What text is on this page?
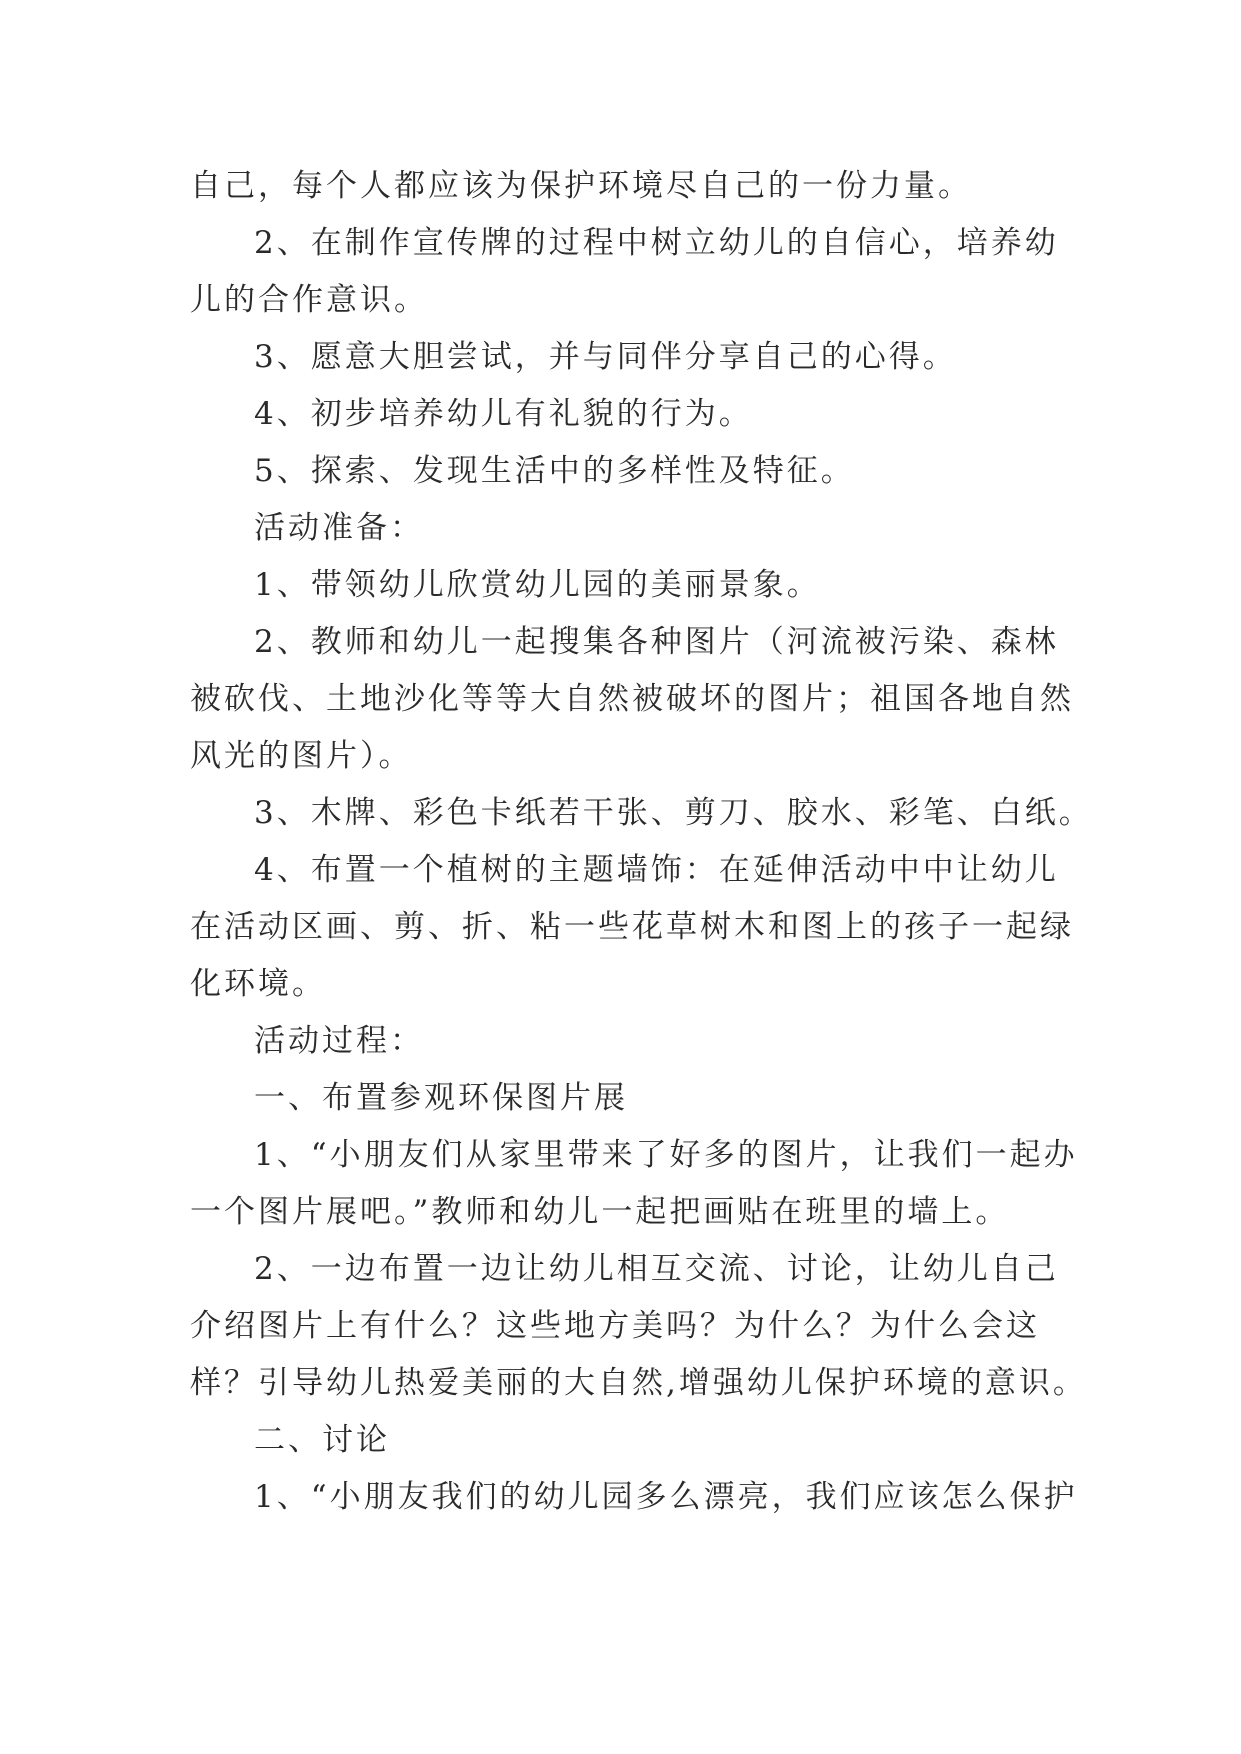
自己，每个人都应该为保护环境尽自己的一份力量。
2、在制作宣传牌的过程中树立幼儿的自信心，培养幼
儿的合作意识。
3、愿意大胆尝试，并与同伴分享自己的心得。
4、初步培养幼儿有礼貌的行为。
5、探索、发现生活中的多样性及特征。
活动准备：
1、带领幼儿欣赏幼儿园的美丽景象。
2、教师和幼儿一起搜集各种图片（河流被污染、森林
被砍伐、土地沙化等等大自然被破坏的图片；祖国各地自然
风光的图片）。
3、木牌、彩色卡纸若干张、剪刀、胶水、彩笔、白纸。
4、布置一个植树的主题墙饰：在延伸活动中中让幼儿
在活动区画、剪、折、粘一些花草树木和图上的孩子一起绿
化环境。
活动过程：
一、布置参观环保图片展
1、“小朋友们从家里带来了好多的图片，让我们一起办
一个图片展吧。”教师和幼儿一起把画贴在班里的墙上。
2、一边布置一边让幼儿相互交流、讨论，让幼儿自己
介绍图片上有什么？这些地方美吗？为什么？为什么会这
样？引导幼儿热爱美丽的大自然,增强幼儿保护环境的意识。
二、讨论
1、“小朋友我们的幼儿园多么漂亮，我们应该怎么保护
